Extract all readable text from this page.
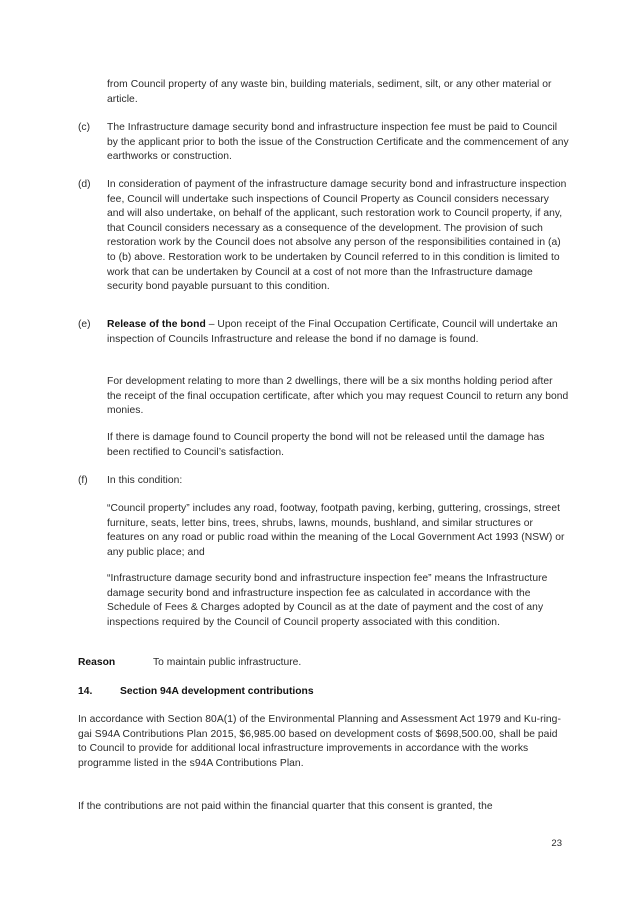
from Council property of any waste bin, building materials, sediment, silt, or any other material or article.

(c) The Infrastructure damage security bond and infrastructure inspection fee must be paid to Council by the applicant prior to both the issue of the Construction Certificate and the commencement of any earthworks or construction.

(d) In consideration of payment of the infrastructure damage security bond and infrastructure inspection fee, Council will undertake such inspections of Council Property as Council considers necessary and will also undertake, on behalf of the applicant, such restoration work to Council property, if any, that Council considers necessary as a consequence of the development. The provision of such restoration work by the Council does not absolve any person of the responsibilities contained in (a) to (b) above. Restoration work to be undertaken by Council referred to in this condition is limited to work that can be undertaken by Council at a cost of not more than the Infrastructure damage security bond payable pursuant to this condition.

(e) Release of the bond – Upon receipt of the Final Occupation Certificate, Council will undertake an inspection of Councils Infrastructure and release the bond if no damage is found.

For development relating to more than 2 dwellings, there will be a six months holding period after the receipt of the final occupation certificate, after which you may request Council to return any bond monies.

If there is damage found to Council property the bond will not be released until the damage has been rectified to Council’s satisfaction.

(f) In this condition:

“Council property” includes any road, footway, footpath paving, kerbing, guttering, crossings, street furniture, seats, letter bins, trees, shrubs, lawns, mounds, bushland, and similar structures or features on any road or public road within the meaning of the Local Government Act 1993 (NSW) or any public place; and

“Infrastructure damage security bond and infrastructure inspection fee” means the Infrastructure damage security bond and infrastructure inspection fee as calculated in accordance with the Schedule of Fees & Charges adopted by Council as at the date of payment and the cost of any inspections required by the Council of Council property associated with this condition.

Reason	To maintain public infrastructure.
14.	Section 94A development contributions

In accordance with Section 80A(1) of the Environmental Planning and Assessment Act 1979 and Ku-ring-gai S94A Contributions Plan 2015, $6,985.00 based on development costs of $698,500.00, shall be paid to Council to provide for additional local infrastructure improvements in accordance with the works programme listed in the s94A Contributions Plan.

If the contributions are not paid within the financial quarter that this consent is granted, the

23
